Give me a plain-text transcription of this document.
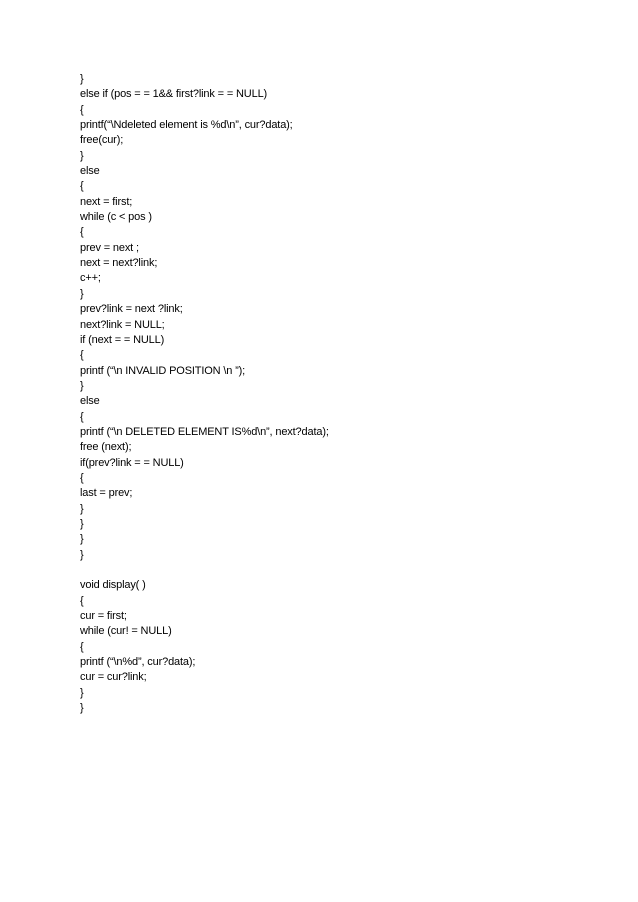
}
else if (pos = = 1&& first?link = = NULL)
{
printf(“\Ndeleted element is %d\n”, cur?data);
free(cur);
}
else
{
next = first;
while (c < pos )
{
prev = next ;
next = next?link;
c++;
}
prev?link = next ?link;
next?link = NULL;
if (next = = NULL)
{
printf (“\n INVALID POSITION \n ”);
}
else
{
printf (“\n DELETED ELEMENT IS%d\n”, next?data);
free (next);
if(prev?link = = NULL)
{
last = prev;
}
}
}
}
void display( )
{
cur = first;
while (cur! = NULL)
{
printf (“\n%d”, cur?data);
cur = cur?link;
}
}
